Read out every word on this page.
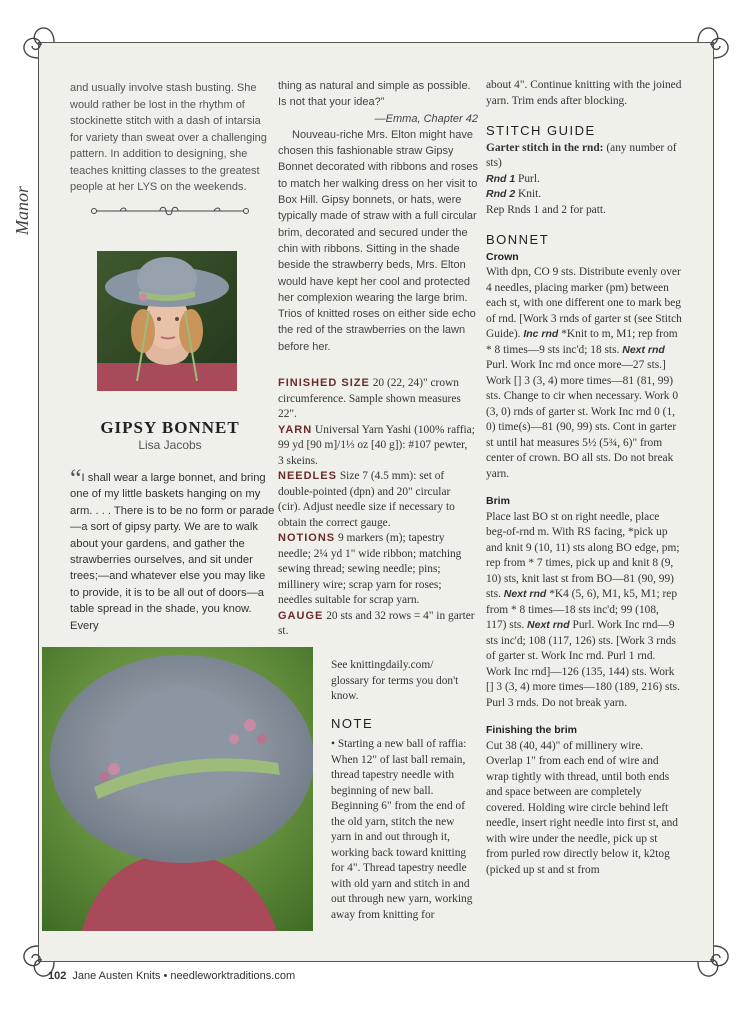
Manor
and usually involve stash busting. She would rather be lost in the rhythm of stockinette stitch with a dash of intarsia for variety than sweat over a challenging pattern. In addition to designing, she teaches knitting classes to the greatest people at her LYS on the weekends.
GIPSY BONNET
Lisa Jacobs
“I shall wear a large bonnet, and bring one of my little baskets hanging on my arm. . . . There is to be no form or parade—a sort of gipsy party. We are to walk about your gardens, and gather the strawberries ourselves, and sit under trees;—and whatever else you may like to provide, it is to be all out of doors—a table spread in the shade, you know. Every

thing as natural and simple as possible. Is not that your idea?”

—Emma, Chapter 42

Nouveau-riche Mrs. Elton might have chosen this fashionable straw Gipsy Bonnet decorated with ribbons and roses to match her walking dress on her visit to Box Hill. Gipsy bonnets, or hats, were typically made of straw with a full circular brim, decorated and secured under the chin with ribbons. Sitting in the shade beside the strawberry beds, Mrs. Elton would have kept her cool and protected her complexion wearing the large brim. Trios of knitted roses on either side echo the red of the strawberries on the lawn before her.

FINISHED SIZE 20 (22, 24)" crown circumference. Sample shown measures 22".

YARN Universal Yarn Yashi (100% raffia; 99 yd [90 m]/1⅓ oz [40 g]): #107 pewter, 3 skeins.

NEEDLES Size 7 (4.5 mm): set of double-pointed (dpn) and 20" circular (cir). Adjust needle size if necessary to obtain the correct gauge.

NOTIONS 9 markers (m); tapestry needle; 2¼ yd 1" wide ribbon; matching sewing thread; sewing needle; pins; millinery wire; scrap yarn for roses; needles suitable for scrap yarn.

GAUGE 20 sts and 32 rows = 4" in garter st.

See knittingdaily.com/ glossary for terms you don't know.
NOTE
• Starting a new ball of raffia: When 12" of last ball remain, thread tapestry needle with beginning of new ball. Beginning 6" from the end of the old yarn, stitch the new yarn in and out through it, working back toward knitting for 4". Thread tapestry needle with old yarn and stitch in and out through new yarn, working away from knitting for

about 4". Continue knitting with the joined yarn. Trim ends after blocking.

STITCH GUIDE

Garter stitch in the rnd: (any number of sts)

Rnd 1 Purl.

Rnd 2 Knit.

Rep Rnds 1 and 2 for patt.

BONNET

Crown

With dpn, CO 9 sts. Distribute evenly over 4 needles, placing marker (pm) between each st, with one different one to mark beg of rnd. [Work 3 rnds of garter st (see Stitch Guide). Inc rnd *Knit to m, M1; rep from * 8 times—9 sts inc'd; 18 sts. Next rnd Purl. Work Inc rnd once more—27 sts.] Work [] 3 (3, 4) more times—81 (81, 99) sts. Change to cir when necessary. Work 0 (3, 0) rnds of garter st. Work Inc rnd 0 (1, 0) time(s)—81 (90, 99) sts. Cont in garter st until hat measures 5½ (5¾, 6)" from center of crown. BO all sts. Do not break yarn.

Brim

Place last BO st on right needle, place beg-of-rnd m. With RS facing, *pick up and knit 9 (10, 11) sts along BO edge, pm; rep from * 7 times, pick up and knit 8 (9, 10) sts, knit last st from BO—81 (90, 99) sts. Next rnd *K4 (5, 6), M1, k5, M1; rep from * 8 times—18 sts inc'd; 99 (108, 117) sts. Next rnd Purl. Work Inc rnd—9 sts inc'd; 108 (117, 126) sts. [Work 3 rnds of garter st. Work Inc rnd. Purl 1 rnd. Work Inc rnd]—126 (135, 144) sts. Work [] 3 (3, 4) more times—180 (189, 216) sts. Purl 3 rnds. Do not break yarn.

Finishing the brim

Cut 38 (40, 44)" of millinery wire. Overlap 1" from each end of wire and wrap tightly with thread, until both ends and space between are completely covered. Holding wire circle behind left needle, insert right needle into first st, and with wire under the needle, pick up st from purled row directly below it, k2tog (picked up st and st from

102 Jane Austen Knits • needleworktraditions.com
